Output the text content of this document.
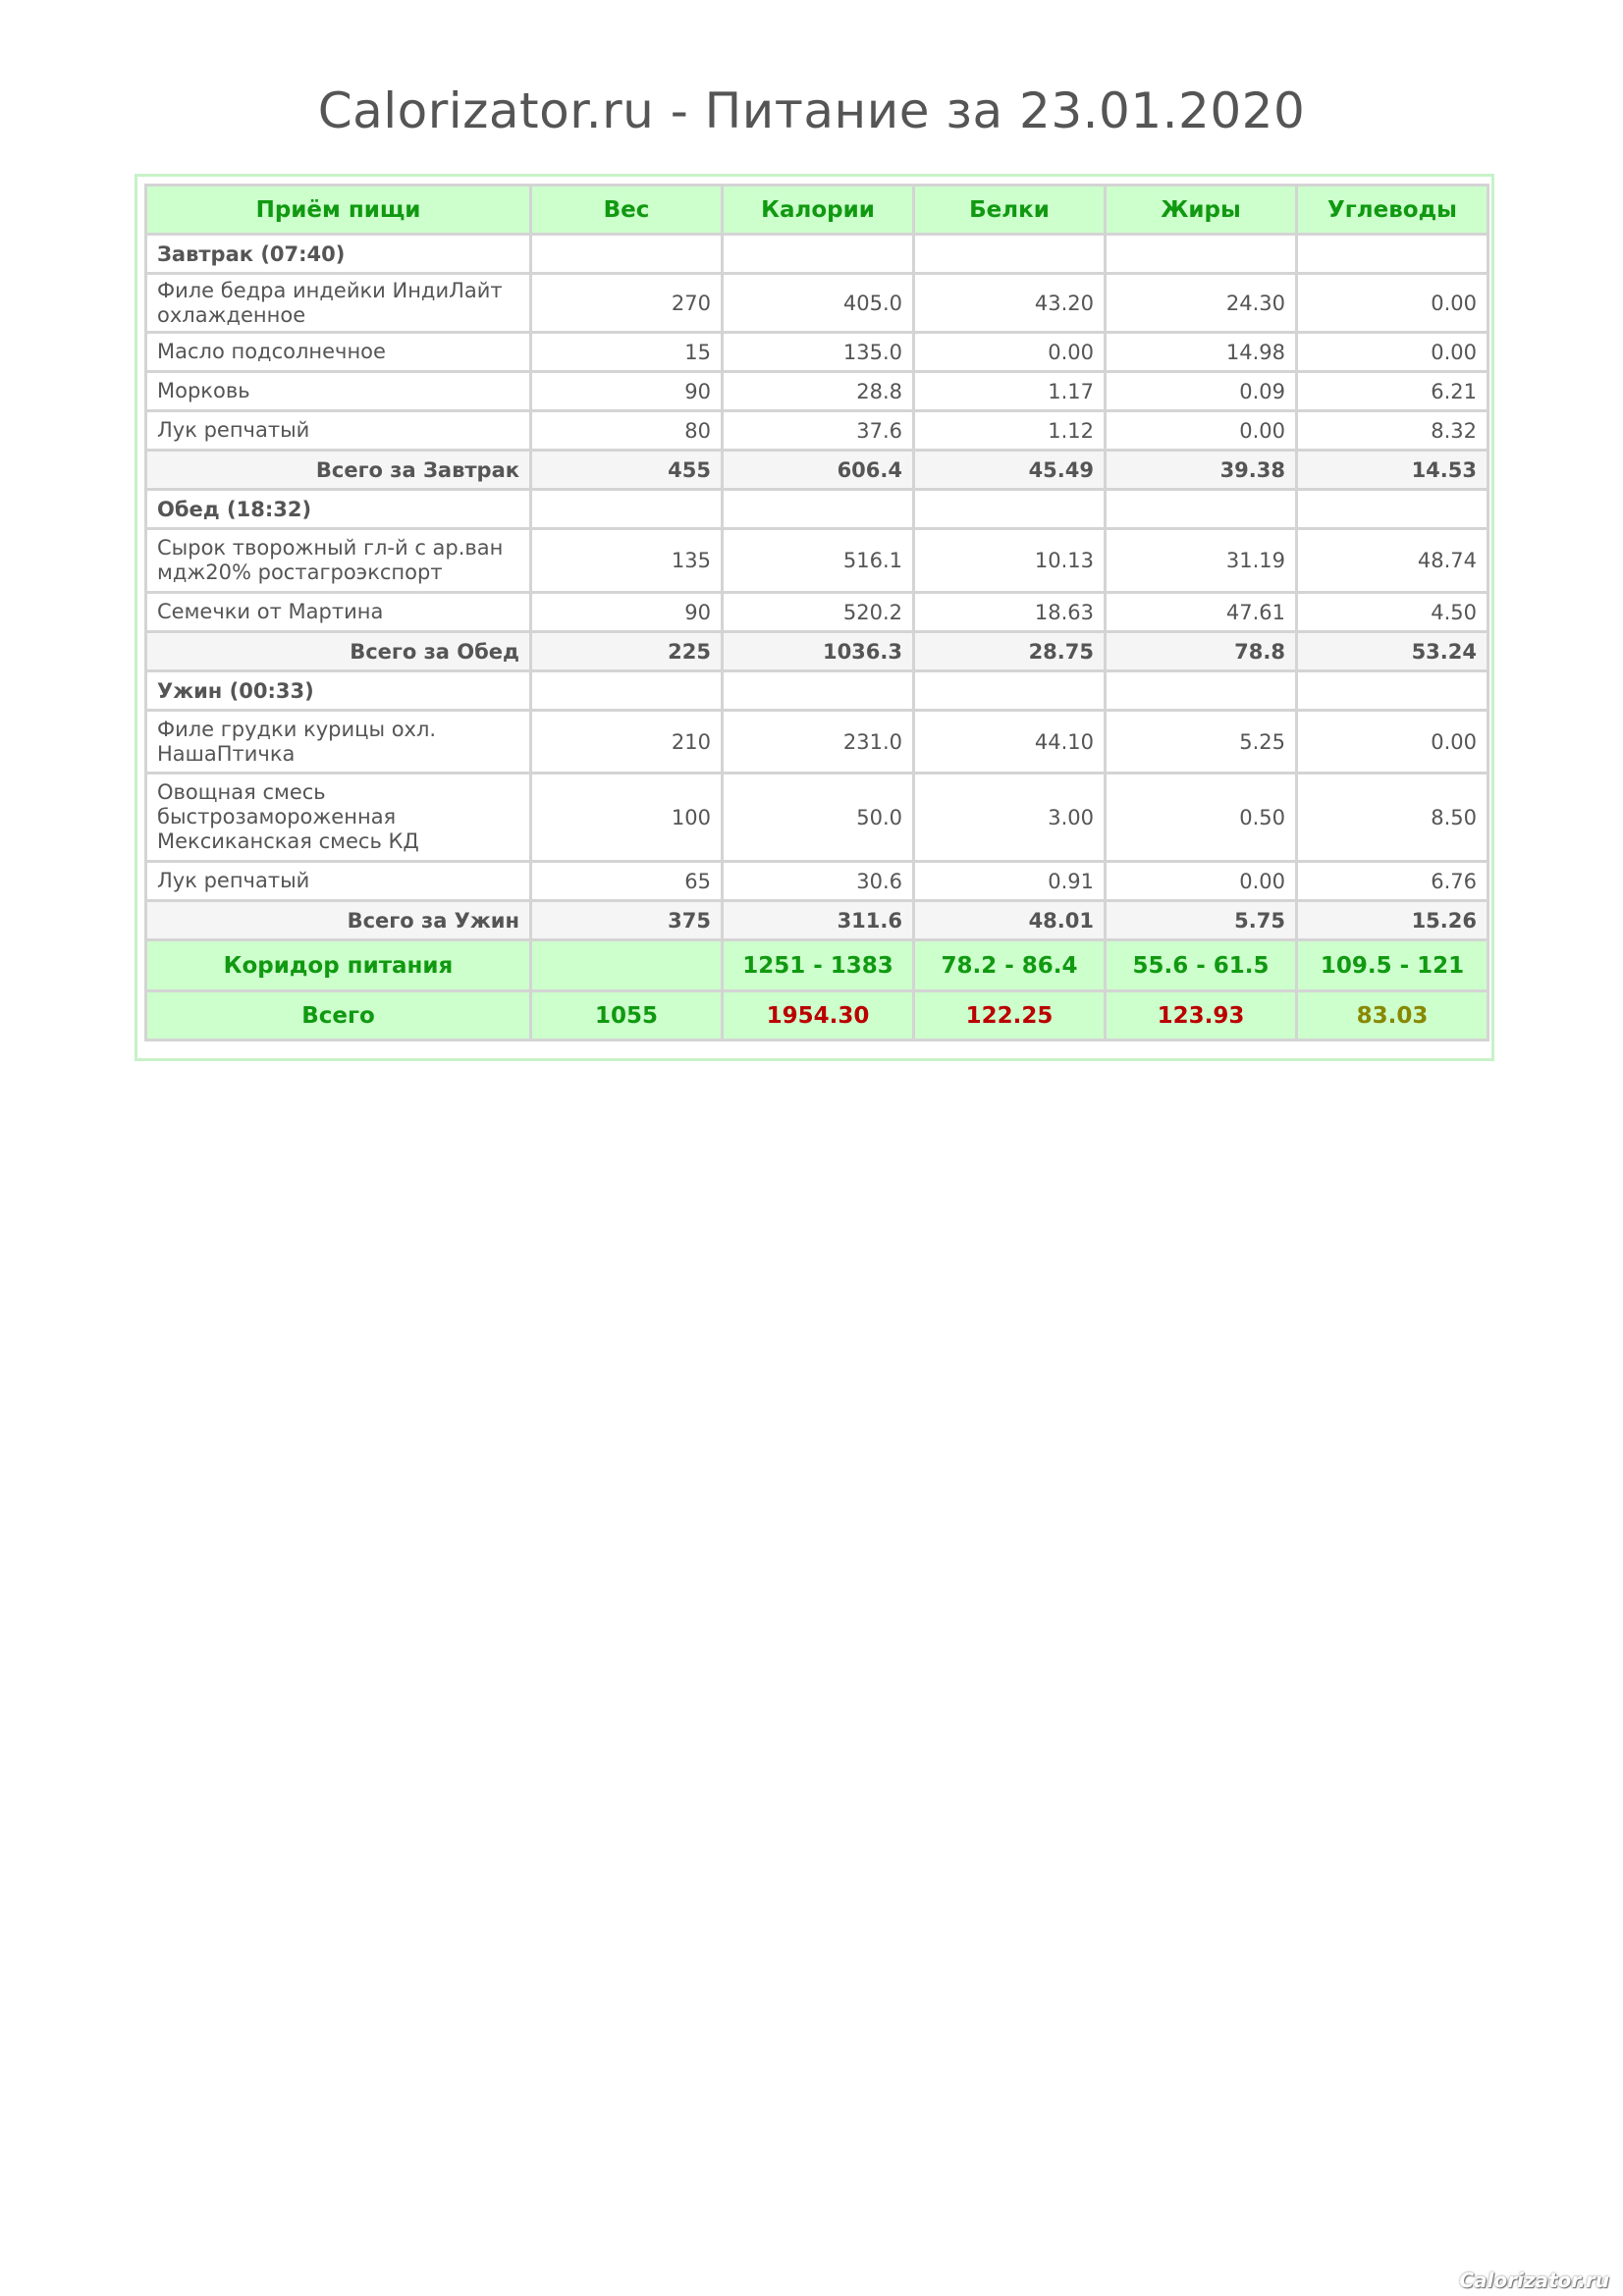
Calorizator.ru - Питание за 23.01.2020
Приём пищи	Вес	Калории	Белки	Жиры	Углеводы
Завтрак (07:40)					
Филе бедра индейки ИндиЛайт охлажденное	270	405.0	43.20	24.30	0.00
Масло подсолнечное	15	135.0	0.00	14.98	0.00
Морковь	90	28.8	1.17	0.09	6.21
Лук репчатый	80	37.6	1.12	0.00	8.32
Всего за Завтрак	455	606.4	45.49	39.38	14.53
Обед (18:32)					
Сырок творожный гл-й с ар.ван мдж20% ростагроэкспорт	135	516.1	10.13	31.19	48.74
Семечки от Мартина	90	520.2	18.63	47.61	4.50
Всего за Обед	225	1036.3	28.75	78.8	53.24
Ужин (00:33)					
Филе грудки курицы охл. НашаПтичка	210	231.0	44.10	5.25	0.00
Овощная смесь быстрозамороженная Мексиканская смесь КД	100	50.0	3.00	0.50	8.50
Лук репчатый	65	30.6	0.91	0.00	6.76
Всего за Ужин	375	311.6	48.01	5.75	15.26
Коридор питания		1251 - 1383	78.2 - 86.4	55.6 - 61.5	109.5 - 121
Всего	1055	1954.30	122.25	123.93	83.03
Calorizator.ru
